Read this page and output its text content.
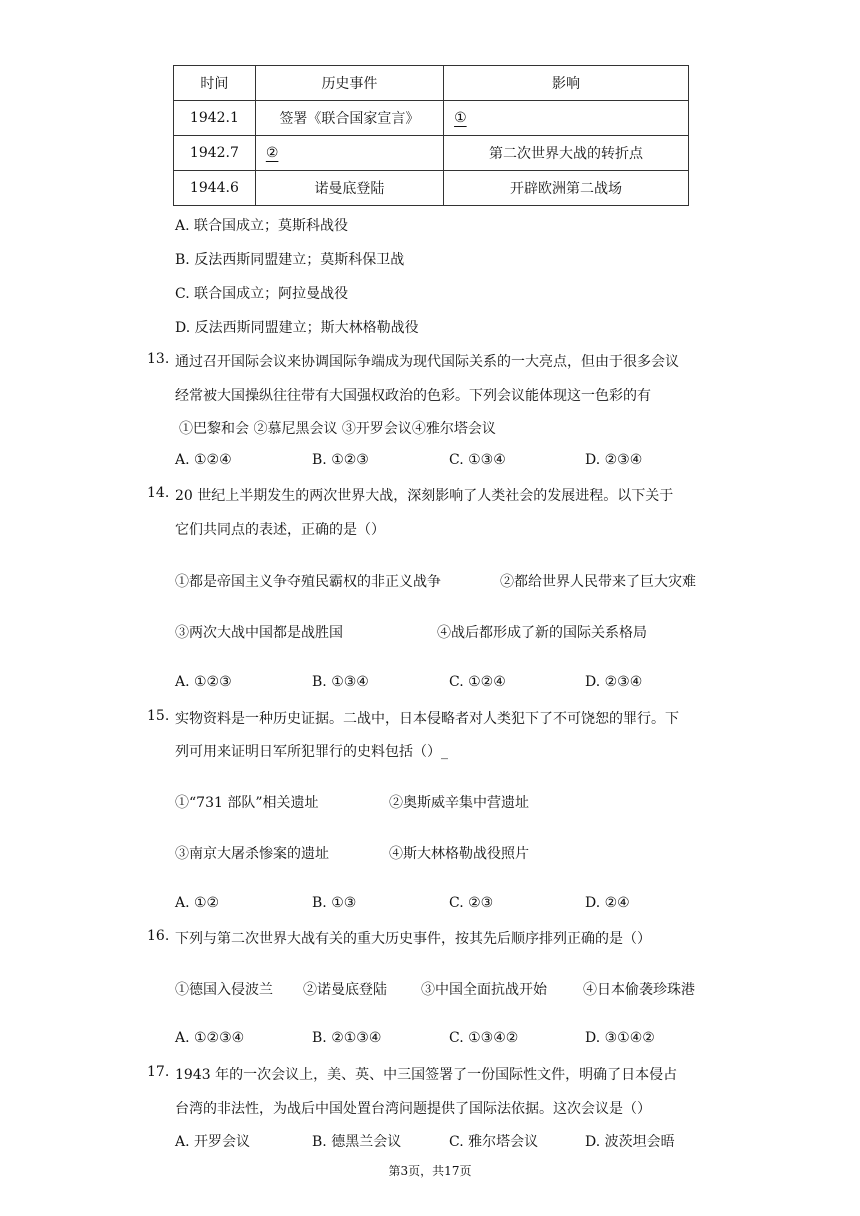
时间	历史事件	影响
1942.1	签署《联合国家宣言》	①
1942.7	②	第二次世界大战的转折点
1944.6	诺曼底登陆	开辟欧洲第二战场
A. 联合国成立；莫斯科战役
B. 反法西斯同盟建立；莫斯科保卫战
C. 联合国成立；阿拉曼战役
D. 反法西斯同盟建立；斯大林格勒战役
13. 通过召开国际会议来协调国际争端成为现代国际关系的一大亮点，但由于很多会议
经常被大国操纵往往带有大国强权政治的色彩。下列会议能体现这一色彩的有
①巴黎和会 ②慕尼黑会议 ③开罗会议④雅尔塔会议
A. ①②④	B. ①②③	C. ①③④	D. ②③④
14. 20 世纪上半期发生的两次世界大战，深刻影响了人类社会的发展进程。以下关于
它们共同点的表述，正确的是（）
①都是帝国主义争夺殖民霸权的非正义战争	②都给世界人民带来了巨大灾难
③两次大战中国都是战胜国	④战后都形成了新的国际关系格局
A. ①②③	B. ①③④	C. ①②④	D. ②③④
15. 实物资料是一种历史证据。二战中，日本侵略者对人类犯下了不可饶恕的罪行。下
列可用来证明日军所犯罪行的史料包括（）_
①“731 部队”相关遗址	②奥斯威辛集中营遗址
③南京大屠杀惨案的遗址	④斯大林格勒战役照片
A. ①②	B. ①③	C. ②③	D. ②④
16. 下列与第二次世界大战有关的重大历史事件，按其先后顺序排列正确的是（）
①德国入侵波兰 ②诺曼底登陆 ③中国全面抗战开始	④日本偷袭珍珠港
A. ①②③④	B. ②①③④	C. ①③④②	D. ③①④②
17. 1943 年的一次会议上，美、英、中三国签署了一份国际性文件，明确了日本侵占
台湾的非法性，为战后中国处置台湾问题提供了国际法依据。这次会议是（）
A. 开罗会议	B. 德黑兰会议	C. 雅尔塔会议	D. 波茨坦会晤
第3页，共17页
